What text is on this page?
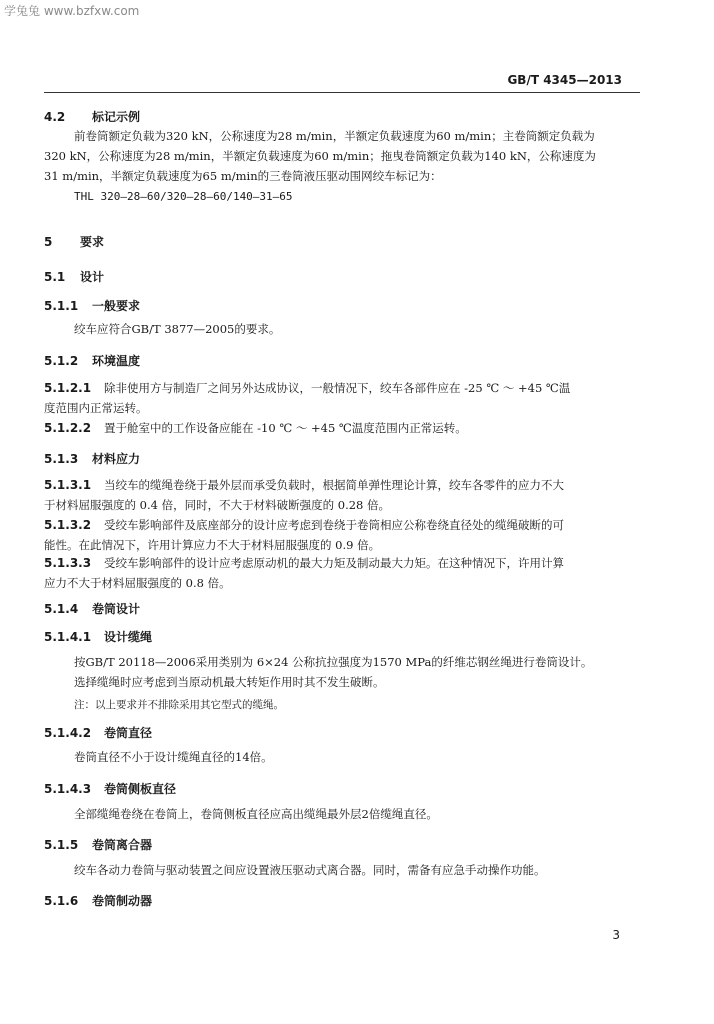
学兔兔 www.bzfxw.com
GB/T 4345—2013
4.2 标记示例
前卷筒额定负载为320 kN，公称速度为28 m/min，半额定负载速度为60 m/min；主卷筒额定负载为
320 kN，公称速度为28 m/min，半额定负载速度为60 m/min；拖曳卷筒额定负载为140 kN，公称速度为
31 m/min，半额定负载速度为65 m/min的三卷筒液压驱动围网绞车标记为：
THL 320—28—60/320—28—60/140—31—65
5 要求
5.1 设计
5.1.1 一般要求
绞车应符合GB/T 3877—2005的要求。
5.1.2 环境温度
5.1.2.1 除非使用方与制造厂之间另外达成协议，一般情况下，绞车各部件应在 -25 ℃ ～ +45 ℃温
度范围内正常运转。
5.1.2.2 置于舱室中的工作设备应能在 -10 ℃ ～ +45 ℃温度范围内正常运转。
5.1.3 材料应力
5.1.3.1 当绞车的缆绳卷绕于最外层而承受负载时，根据简单弹性理论计算，绞车各零件的应力不大
于材料屈服强度的 0.4 倍，同时，不大于材料破断强度的 0.28 倍。
5.1.3.2 受绞车影响部件及底座部分的设计应考虑到卷绕于卷筒相应公称卷绕直径处的缆绳破断的可
能性。在此情况下，许用计算应力不大于材料屈服强度的 0.9 倍。
5.1.3.3 受绞车影响部件的设计应考虑原动机的最大力矩及制动最大力矩。在这种情况下，许用计算
应力不大于材料屈服强度的 0.8 倍。
5.1.4 卷筒设计
5.1.4.1 设计缆绳
按GB/T 20118—2006采用类别为 6×24 公称抗拉强度为1570 MPa的纤维芯钢丝绳进行卷筒设计。
选择缆绳时应考虑到当原动机最大转矩作用时其不发生破断。
注：以上要求并不排除采用其它型式的缆绳。
5.1.4.2 卷筒直径
卷筒直径不小于设计缆绳直径的14倍。
5.1.4.3 卷筒侧板直径
全部缆绳卷绕在卷筒上，卷筒侧板直径应高出缆绳最外层2倍缆绳直径。
5.1.5 卷筒离合器
绞车各动力卷筒与驱动装置之间应设置液压驱动式离合器。同时，需备有应急手动操作功能。
5.1.6 卷筒制动器
3
